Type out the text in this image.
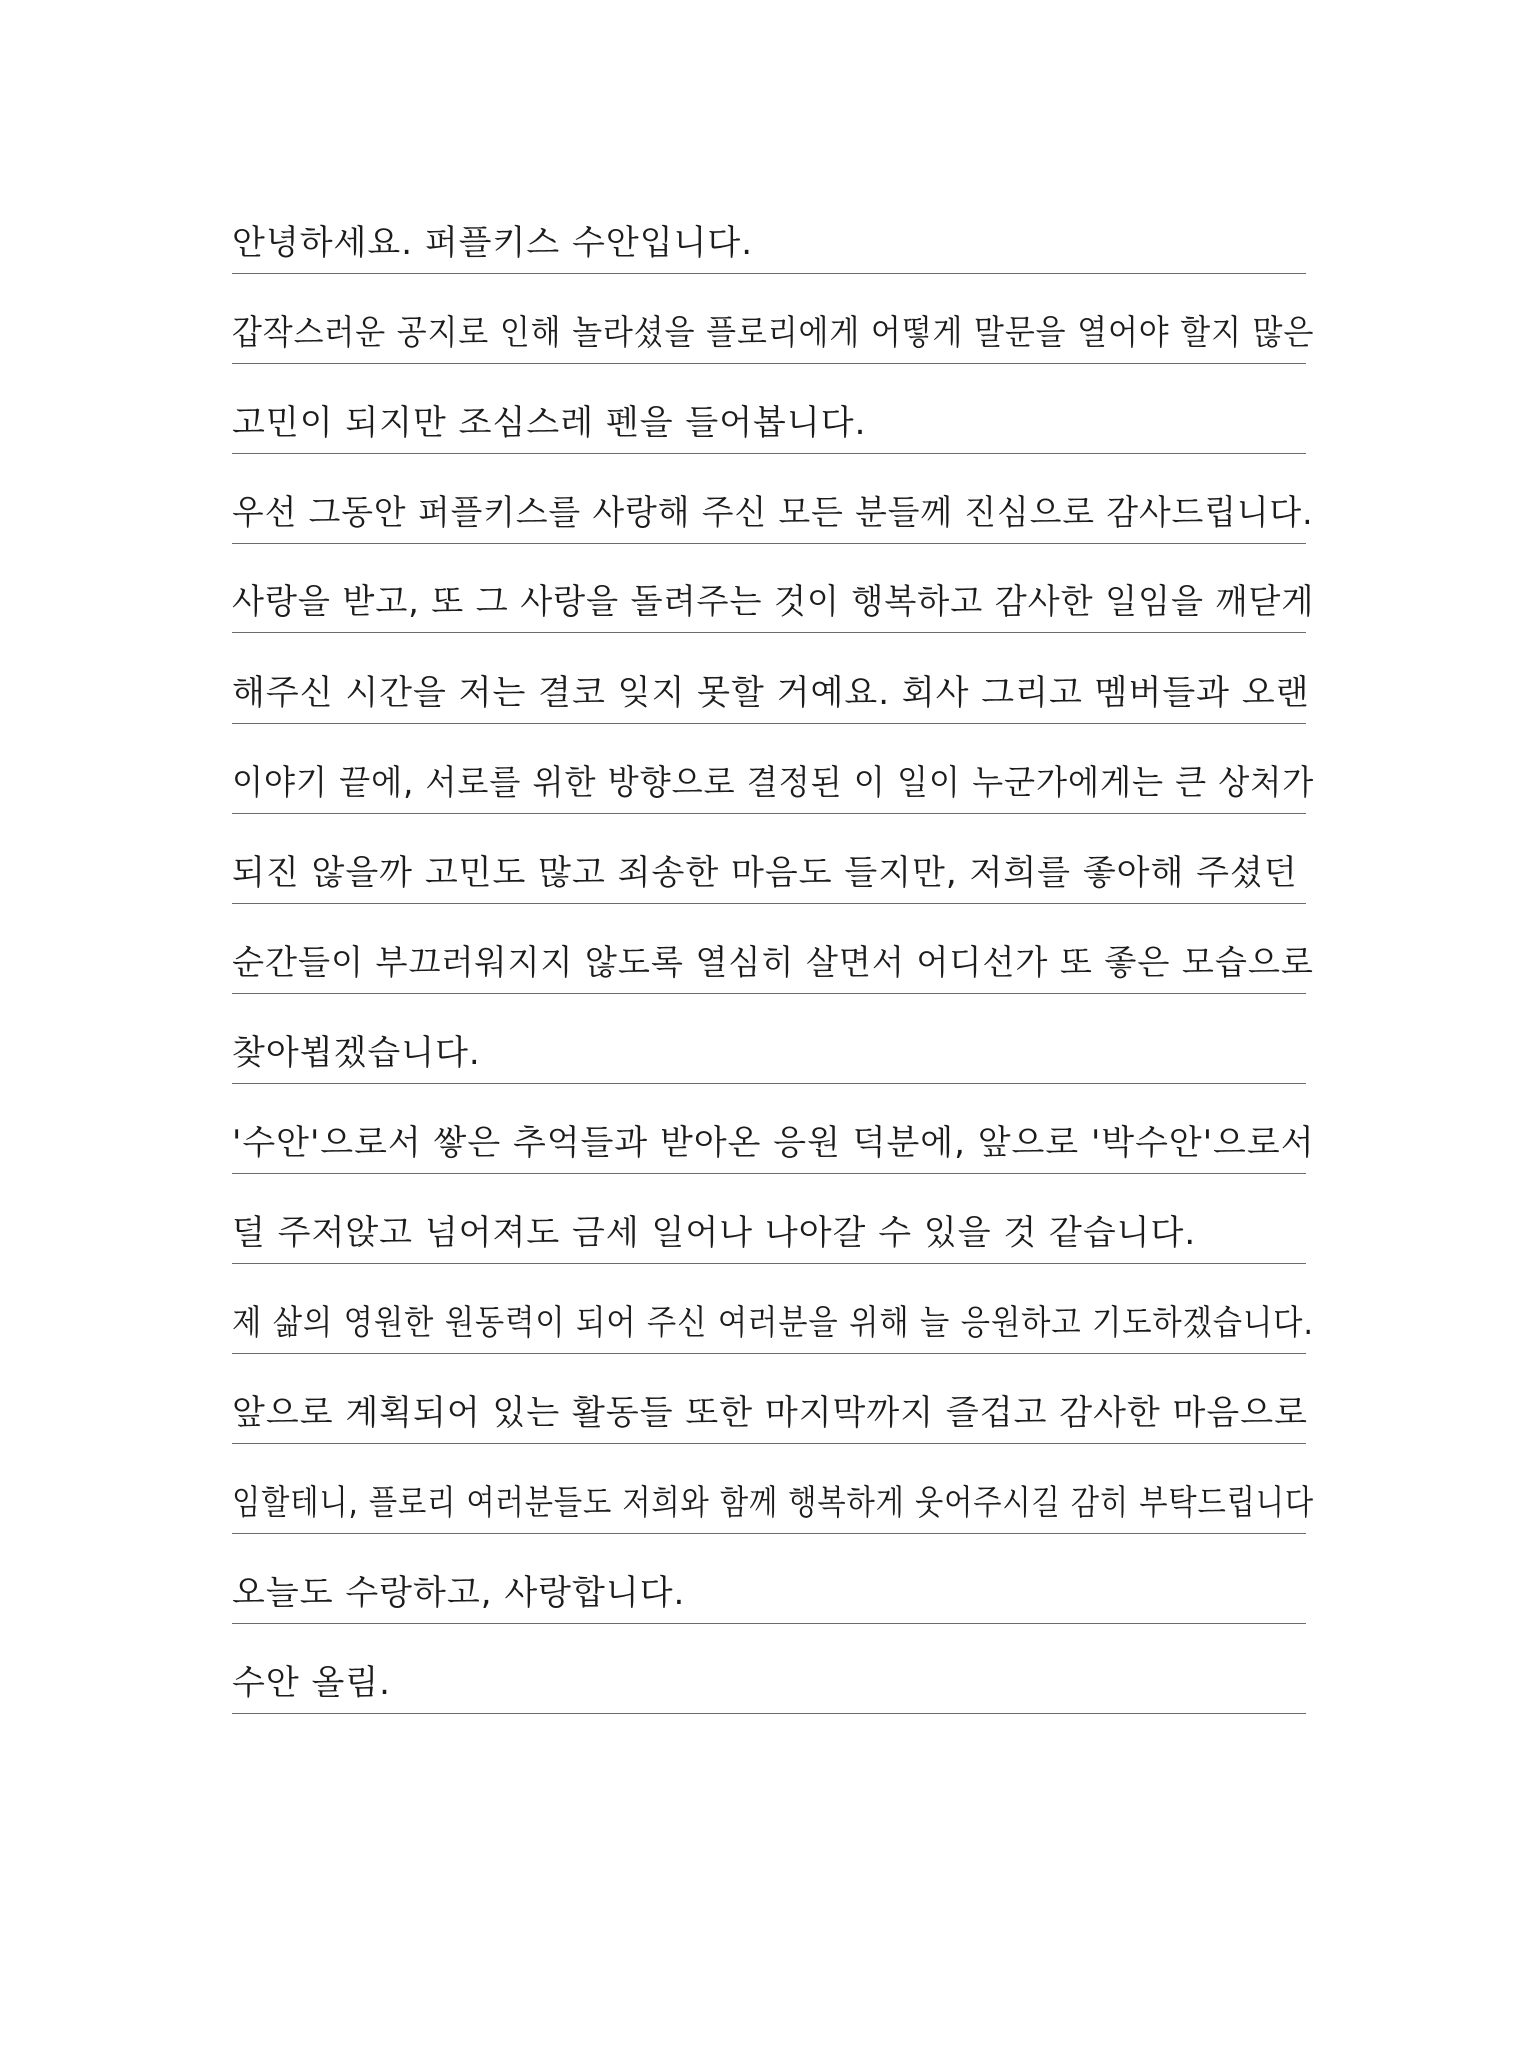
안녕하세요. 퍼플키스 수안입니다.
갑작스러운 공지로 인해 놀라셨을 플로리에게 어떻게 말문을 열어야 할지 많은
고민이 되지만 조심스레 펜을 들어봅니다.
우선 그동안 퍼플키스를 사랑해 주신 모든 분들께 진심으로 감사드립니다.
사랑을 받고, 또 그 사랑을 돌려주는 것이 행복하고 감사한 일임을 깨닫게
해주신 시간을 저는 결코 잊지 못할 거예요. 회사 그리고 멤버들과 오랜
이야기 끝에, 서로를 위한 방향으로 결정된 이 일이 누군가에게는 큰 상처가
되진 않을까 고민도 많고 죄송한 마음도 들지만, 저희를 좋아해 주셨던
순간들이 부끄러워지지 않도록 열심히 살면서 어디선가 또 좋은 모습으로
찾아뵙겠습니다.
'수안'으로서 쌓은 추억들과 받아온 응원 덕분에, 앞으로 '박수안'으로서
덜 주저앉고 넘어져도 금세 일어나 나아갈 수 있을 것 같습니다.
제 삶의 영원한 원동력이 되어 주신 여러분을 위해 늘 응원하고 기도하겠습니다.
앞으로 계획되어 있는 활동들 또한 마지막까지 즐겁고 감사한 마음으로
임할테니, 플로리 여러분들도 저희와 함께 행복하게 웃어주시길 감히 부탁드립니다
오늘도 수랑하고, 사랑합니다.
수안 올림.
